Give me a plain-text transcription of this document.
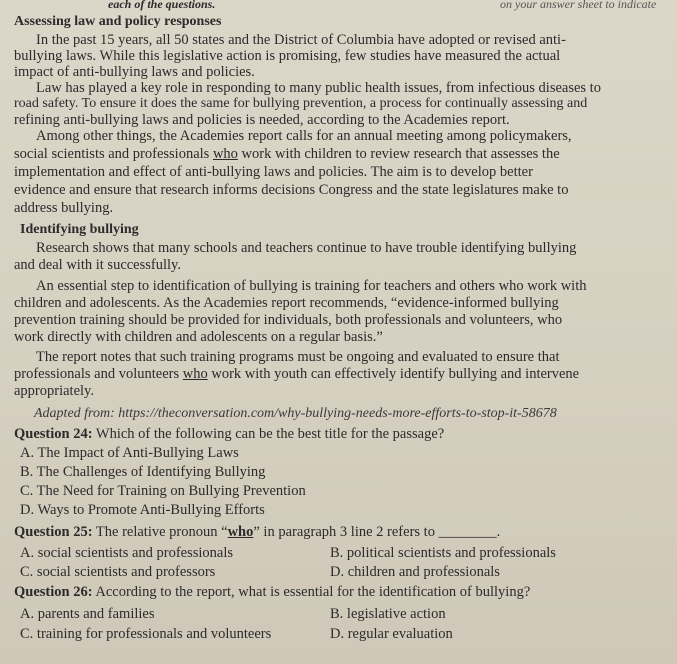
each of the questions.	on your answer sheet to indicate
Assessing law and policy responses
In the past 15 years, all 50 states and the District of Columbia have adopted or revised anti-
bullying laws. While this legislative action is promising, few studies have measured the actual
impact of anti-bullying laws and policies.
Law has played a key role in responding to many public health issues, from infectious diseases to
road safety. To ensure it does the same for bullying prevention, a process for continually assessing and
refining anti-bullying laws and policies is needed, according to the Academies report.
Among other things, the Academies report calls for an annual meeting among policymakers,
social scientists and professionals who work with children to review research that assesses the
implementation and effect of anti-bullying laws and policies. The aim is to develop better
evidence and ensure that research informs decisions Congress and the state legislatures make to
address bullying.
Identifying bullying
Research shows that many schools and teachers continue to have trouble identifying bullying
and deal with it successfully.
An essential step to identification of bullying is training for teachers and others who work with
children and adolescents. As the Academies report recommends, “evidence-informed bullying
prevention training should be provided for individuals, both professionals and volunteers, who
work directly with children and adolescents on a regular basis.”
The report notes that such training programs must be ongoing and evaluated to ensure that
professionals and volunteers who work with youth can effectively identify bullying and intervene
appropriately.
Adapted from: https://theconversation.com/why-bullying-needs-more-efforts-to-stop-it-58678
Question 24: Which of the following can be the best title for the passage?
A. The Impact of Anti-Bullying Laws
B. The Challenges of Identifying Bullying
C. The Need for Training on Bullying Prevention
D. Ways to Promote Anti-Bullying Efforts
Question 25: The relative pronoun “who” in paragraph 3 line 2 refers to ________.
A. social scientists and professionals	B. political scientists and professionals
C. social scientists and professors	D. children and professionals
Question 26: According to the report, what is essential for the identification of bullying?
A. parents and families	B. legislative action
C. training for professionals and volunteers	D. regular evaluation
